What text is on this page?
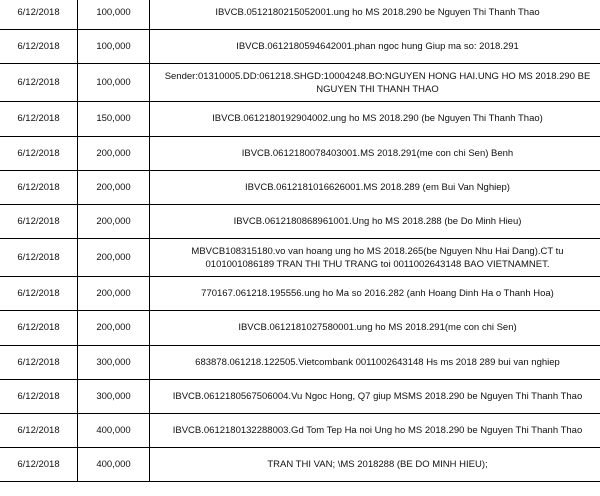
6/12/2018	100,000	IBVCB.0512180215052001.ung ho MS 2018.290 be Nguyen Thi Thanh Thao
6/12/2018	100,000	IBVCB.0612180594642001.phan ngoc hung Giup ma so: 2018.291
6/12/2018	100,000	Sender:01310005.DD:061218.SHGD:10004248.BO:NGUYEN HONG HAI.UNG HO MS 2018.290 BE NGUYEN THI THANH THAO
6/12/2018	150,000	IBVCB.0612180192904002.ung ho MS 2018.290 (be Nguyen Thi Thanh Thao)
6/12/2018	200,000	IBVCB.0612180078403001.MS 2018.291(me con chi Sen) Benh
6/12/2018	200,000	IBVCB.0612181016626001.MS 2018.289 (em Bui Van Nghiep)
6/12/2018	200,000	IBVCB.0612180868961001.Ung ho MS 2018.288 (be Do Minh Hieu)
6/12/2018	200,000	MBVCB108315180.vo van hoang ung ho MS 2018.265(be Nguyen Nhu Hai Dang).CT tu 0101001086189 TRAN THI THU TRANG toi 0011002643148 BAO VIETNAMNET.
6/12/2018	200,000	770167.061218.195556.ung ho Ma so 2016.282 (anh Hoang Dinh Ha o Thanh Hoa)
6/12/2018	200,000	IBVCB.0612181027580001.ung ho MS 2018.291(me con chi Sen)
6/12/2018	300,000	683878.061218.122505.Vietcombank 0011002643148 Hs ms 2018 289 bui van nghiep
6/12/2018	300,000	IBVCB.0612180567506004.Vu Ngoc Hong, Q7 giup MSMS 2018.290 be Nguyen Thi Thanh Thao
6/12/2018	400,000	IBVCB.0612180132288003.Gd Tom Tep Ha noi Ung ho MS 2018.290 be Nguyen Thi Thanh Thao
6/12/2018	400,000	TRAN THI VAN; \MS 2018288 (BE DO MINH HIEU);
